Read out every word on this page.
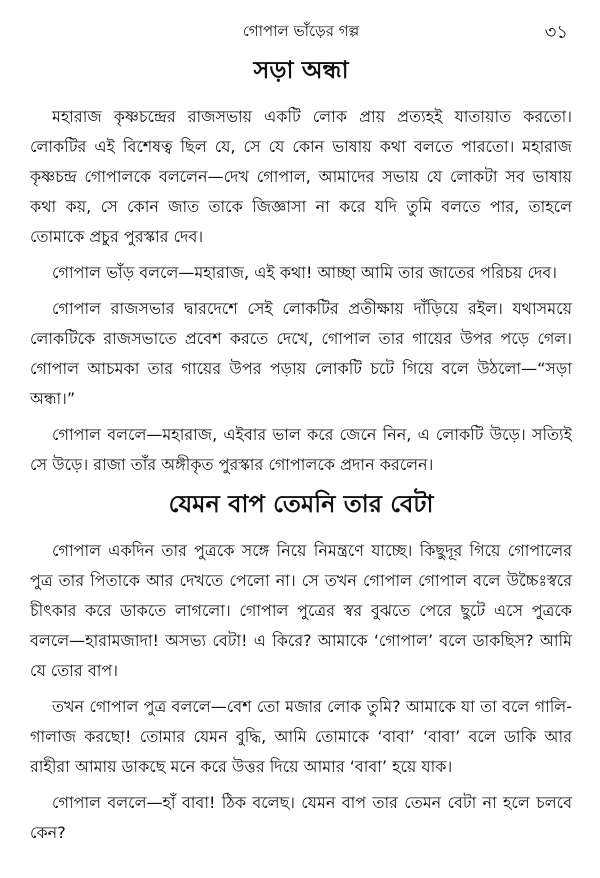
গোপাল ভাঁড়ের গল্প	৩১
সড়া অন্ধা

মহারাজ কৃষ্ণচন্দ্রের রাজসভায় একটি লোক প্রায় প্রত্যহই যাতায়াত করতো। লোকটির এই বিশেষত্ব ছিল যে, সে যে কোন ভাষায় কথা বলতে পারতো। মহারাজ কৃষ্ণচন্দ্র গোপালকে বললেন—দেখ গোপাল, আমাদের সভায় যে লোকটা সব ভাষায় কথা কয়, সে কোন জাত তাকে জিজ্ঞাসা না করে যদি তুমি বলতে পার, তাহলে তোমাকে প্রচুর পুরস্কার দেব।

গোপাল ভাঁড় বললে—মহারাজ, এই কথা! আচ্ছা আমি তার জাতের পরিচয় দেব।

গোপাল রাজসভার দ্বারদেশে সেই লোকটির প্রতীক্ষায় দাঁড়িয়ে রইল। যথাসময়ে লোকটিকে রাজসভাতে প্রবেশ করতে দেখে, গোপাল তার গায়ের উপর পড়ে গেল। গোপাল আচমকা তার গায়ের উপর পড়ায় লোকটি চটে গিয়ে বলে উঠলো—“সড়া অন্ধা।”

গোপাল বললে—মহারাজ, এইবার ভাল করে জেনে নিন, এ লোকটি উড়ে। সত্যিই সে উড়ে। রাজা তাঁর অঙ্গীকৃত পুরস্কার গোপালকে প্রদান করলেন।

যেমন বাপ তেমনি তার বেটা

গোপাল একদিন তার পুত্রকে সঙ্গে নিয়ে নিমন্ত্রণে যাচ্ছে। কিছুদূর গিয়ে গোপালের পুত্র তার পিতাকে আর দেখতে পেলো না। সে তখন গোপাল গোপাল বলে উচ্চৈঃস্বরে চীৎকার করে ডাকতে লাগলো। গোপাল পুত্রের স্বর বুঝতে পেরে ছুটে এসে পুত্রকে বললে—হারামজাদা! অসভ্য বেটা! এ কিরে? আমাকে ‘গোপাল’ বলে ডাকছিস? আমি যে তোর বাপ।

তখন গোপাল পুত্র বললে—বেশ তো মজার লোক তুমি? আমাকে যা তা বলে গালি-গালাজ করছো! তোমার যেমন বুদ্ধি, আমি তোমাকে ‘বাবা’ ‘বাবা’ বলে ডাকি আর রাহীরা আমায় ডাকছে মনে করে উত্তর দিয়ে আমার ‘বাবা’ হয়ে যাক।

গোপাল বললে—হাঁ বাবা! ঠিক বলেছ। যেমন বাপ তার তেমন বেটা না হলে চলবে কেন?
